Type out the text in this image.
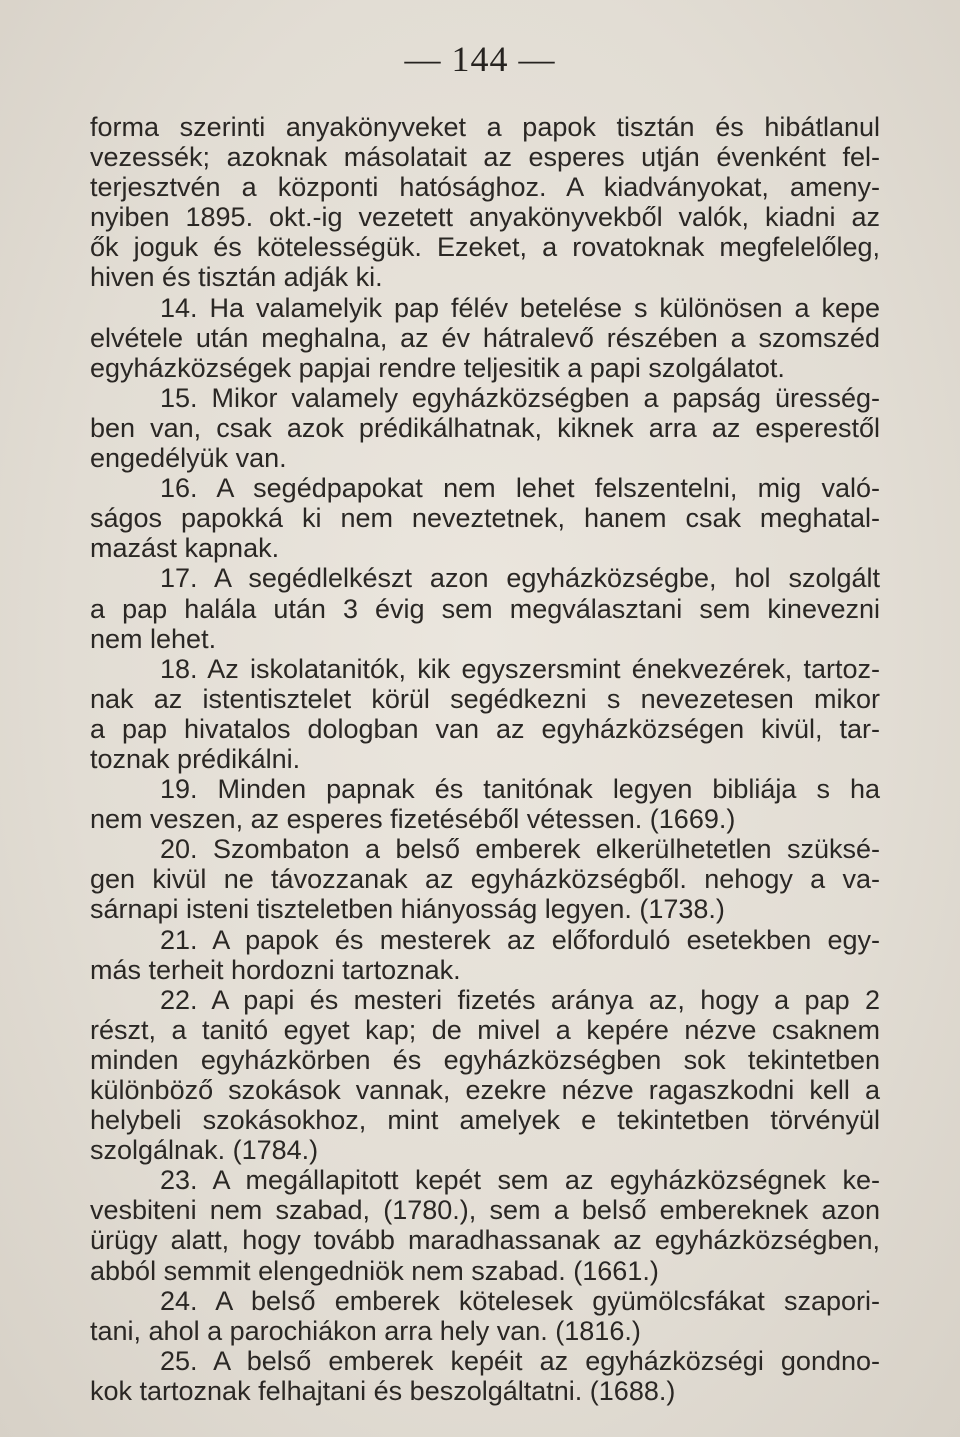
— 144 —
forma szerinti anyakönyveket a papok tisztán és hibátlanul
vezessék; azoknak másolatait az esperes utján évenként fel-
terjesztvén a központi hatósághoz. A kiadványokat, ameny-
nyiben 1895. okt.-ig vezetett anyakönyvekből valók, kiadni az
ők joguk és kötelességük. Ezeket, a rovatoknak megfelelőleg,
hiven és tisztán adják ki.
14. Ha valamelyik pap félév betelése s különösen a kepe
elvétele után meghalna, az év hátralevő részében a szomszéd
egyházközségek papjai rendre teljesitik a papi szolgálatot.
15. Mikor valamely egyházközségben a papság üresség-
ben van, csak azok prédikálhatnak, kiknek arra az esperestől
engedélyük van.
16. A segédpapokat nem lehet felszentelni, mig való-
ságos papokká ki nem neveztetnek, hanem csak meghatal-
mazást kapnak.
17. A segédlelkészt azon egyházközségbe, hol szolgált
a pap halála után 3 évig sem megválasztani sem kinevezni
nem lehet.
18. Az iskolatanitók, kik egyszersmint énekvezérek, tartoz-
nak az istentisztelet körül segédkezni s nevezetesen mikor
a pap hivatalos dologban van az egyházközségen kivül, tar-
toznak prédikálni.
19. Minden papnak és tanitónak legyen bibliája s ha
nem veszen, az esperes fizetéséből vétessen. (1669.)
20. Szombaton a belső emberek elkerülhetetlen szüksé-
gen kivül ne távozzanak az egyházközségből. nehogy a va-
sárnapi isteni tiszteletben hiányosság legyen. (1738.)
21. A papok és mesterek az előforduló esetekben egy-
más terheit hordozni tartoznak.
22. A papi és mesteri fizetés aránya az, hogy a pap 2
részt, a tanitó egyet kap; de mivel a kepére nézve csaknem
minden egyházkörben és egyházközségben sok tekintetben
különböző szokások vannak, ezekre nézve ragaszkodni kell a
helybeli szokásokhoz, mint amelyek e tekintetben törvényül
szolgálnak. (1784.)
23. A megállapitott kepét sem az egyházközségnek ke-
vesbiteni nem szabad, (1780.), sem a belső embereknek azon
ürügy alatt, hogy tovább maradhassanak az egyházközségben,
abból semmit elengedniök nem szabad. (1661.)
24. A belső emberek kötelesek gyümölcsfákat szapori-
tani, ahol a parochiákon arra hely van. (1816.)
25. A belső emberek kepéit az egyházközségi gondno-
kok tartoznak felhajtani és beszolgáltatni. (1688.)
